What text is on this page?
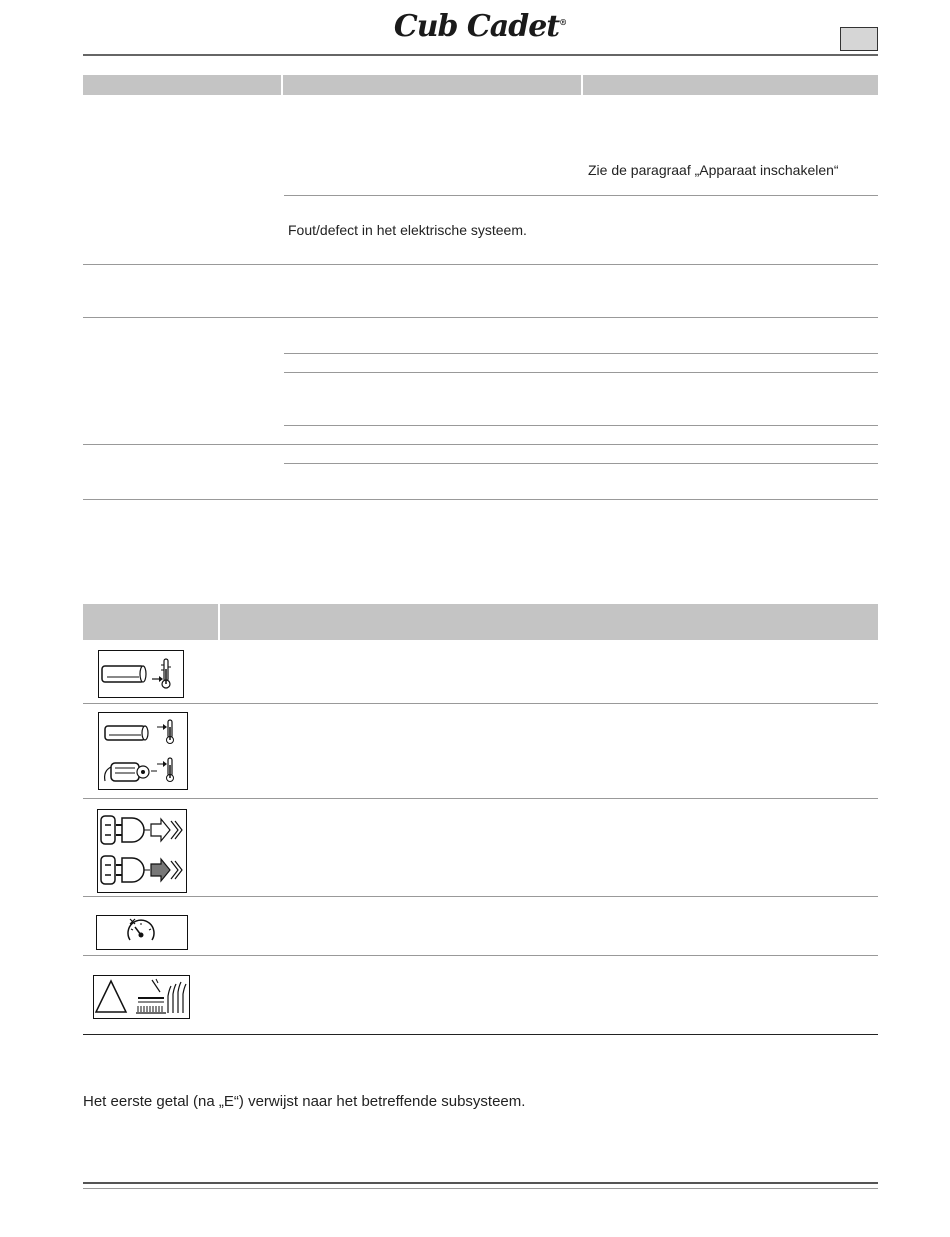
Cub Cadet®
Zie de paragraaf „Apparaat inschakelen“
Fout/defect in het elektrische systeem.
Het eerste getal (na „E“) verwijst naar het betreffende subsysteem.
